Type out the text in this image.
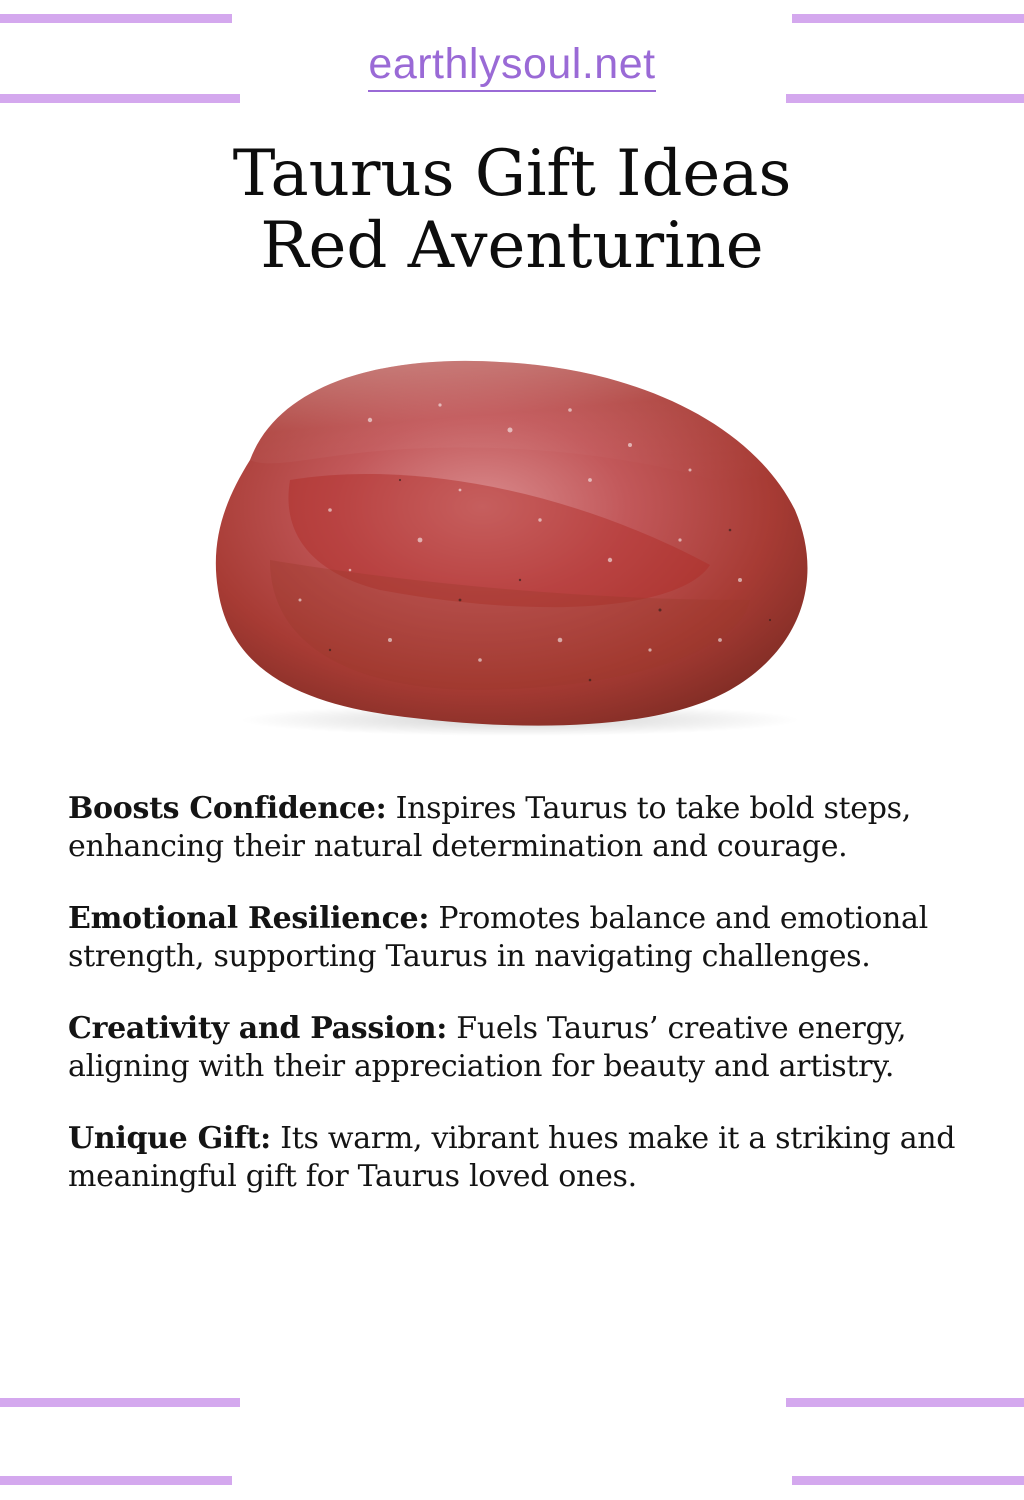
earthlysoul.net
Taurus Gift Ideas
Red Aventurine

Boosts Confidence: Inspires Taurus to take bold steps, enhancing their natural determination and courage.

Emotional Resilience: Promotes balance and emotional strength, supporting Taurus in navigating challenges.

Creativity and Passion: Fuels Taurus’ creative energy, aligning with their appreciation for beauty and artistry.

Unique Gift: Its warm, vibrant hues make it a striking and meaningful gift for Taurus loved ones.
